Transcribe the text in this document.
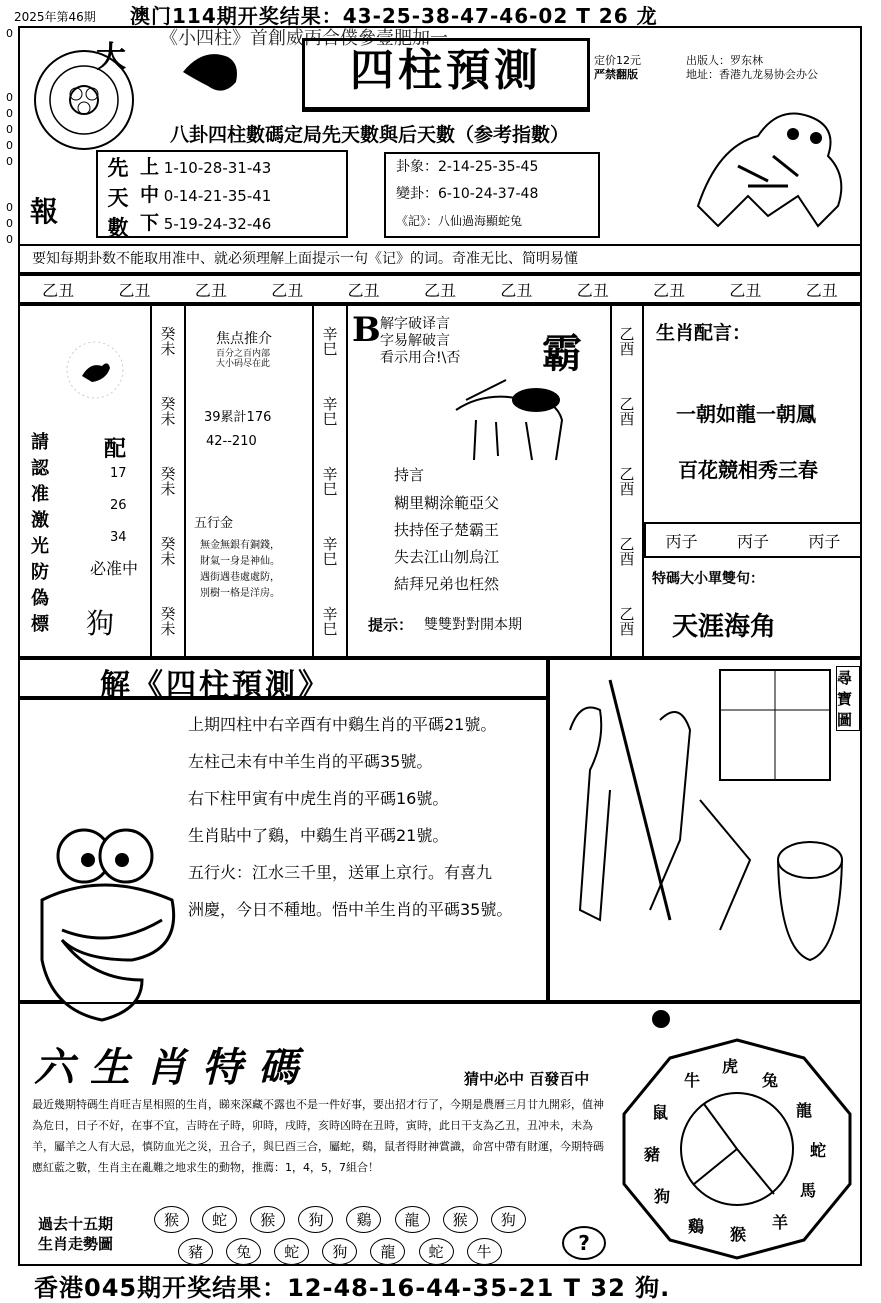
2025年第46期 澳门114期开奖结果：43-25-38-47-46-02 T 26 龙
《小四柱》首創威丙合僕參壹肥加一
0
0
0
0
0
0
0
0
0
大
報
四柱預測	定价12元
严禁翻版
出版人：罗东林
地址：香港九龙易协会办公
八卦四柱數碼定局先天數與后天數（参考指數）
先
天
數
上 1-10-28-31-43
中 0-14-21-35-41
下 5-19-24-32-46
卦象：2-14-25-35-45
變卦：6-10-24-37-48
《記》：八仙過海顯蛇兔
要知每期卦数不能取用准中、就必须理解上面提示一句《记》的词。奇准无比、简明易懂
乙丑	乙丑	乙丑	乙丑	乙丑	乙丑	乙丑	乙丑	乙丑	乙丑	乙丑
請
認
准
激
光
防
偽
標
配
17
26
34
必准中
狗
癸未
癸未
癸未
癸未
癸未
焦点推介
百分之百内部
大小码尽在此
39累計176
42--210
五行金
無金無銀有銅錢，
財氣一身是神仙。
遇街遇巷處處防，
別樹一格是洋房。
辛巳
辛巳
辛巳
辛巳
辛巳
B 解字破译言
字易解破言
看示用合!\否 霸
持言
糊里糊涂範亞父
扶持侄子楚霸王
失去江山刎烏江
結拜兄弟也枉然
提示： 雙雙對對開本期
乙酉
乙酉
乙酉
乙酉
乙酉
生肖配言：
一朝如龍一朝鳳
百花競相秀三春
丙子 丙子 丙子
特碼大小單雙句：
天涯海角
解《四柱預測》
上期四柱中右辛酉有中鷄生肖的平碼21號。
左柱己未有中羊生肖的平碼35號。
右下柱甲寅有中虎生肖的平碼16號。
生肖貼中了鷄，中鷄生肖平碼21號。
五行火：江水三千里，送軍上京行。有喜九
洲慶，今日不種地。悟中羊生肖的平碼35號。
尋寶圖
六生肖特碼	猜中必中 百發百中
最近幾期特碼生肖旺吉星相照的生肖，睇來深藏不露也不是一件好事，要出招才行了，今期是農曆三月廿九開彩，值神為危日，日子不好，在事不宜，吉時在子時，卯時，戌時，亥時凶時在丑時，寅時，此日干支為乙丑，丑冲未，未為羊，屬羊之人有大忌，慎防血光之災，丑合子，與巳酉三合，屬蛇，鷄，鼠者得財神賞識，命宮中帶有財運，今期特碼應紅藍之數，生肖主在亂難之地求生的動物，推薦：1，4，5，7組合！
過去十五期
生肖走勢圖
猴 蛇 猴 狗 鷄 龍 猴 狗
豬 兔 蛇 狗 龍 蛇 牛	?
虎
兔
龍
蛇
馬
羊
猴
鷄
狗
豬
鼠
牛
香港045期开奖结果：12-48-16-44-35-21 T 32 狗.
